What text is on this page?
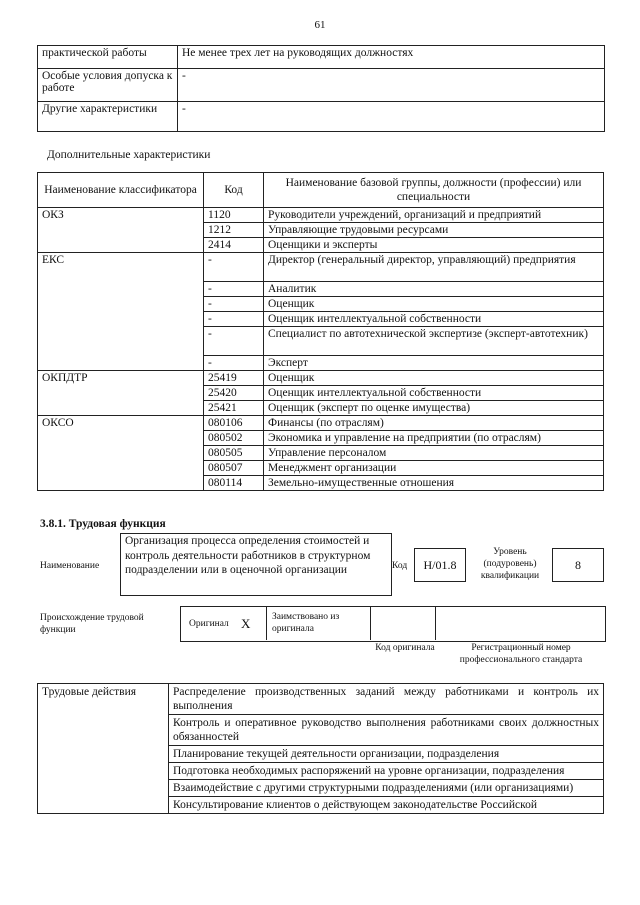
61
практической работы	Не менее трех лет на руководящих должностях
Особые условия допуска к работе	-
Другие характеристики	-
Дополнительные характеристики
Наименование классификатора	Код	Наименование базовой группы, должности (профессии) или специальности
ОКЗ	1120	Руководители учреждений, организаций и предприятий
	1212	Управляющие трудовыми ресурсами
	2414	Оценщики и эксперты
ЕКС	-	Директор (генеральный директор, управляющий) предприятия
	-	Аналитик
	-	Оценщик
	-	Оценщик интеллектуальной собственности
	-	Специалист по автотехнической экспертизе (эксперт-автотехник)
	-	Эксперт
ОКПДТР	25419	Оценщик
	25420	Оценщик интеллектуальной собственности
	25421	Оценщик (эксперт по оценке имущества)
ОКСО	080106	Финансы (по отраслям)
	080502	Экономика и управление на предприятии (по отраслям)
	080505	Управление персоналом
	080507	Менеджмент организации
	080114	Земельно-имущественные отношения
3.8.1. Трудовая функция
Наименование
Организация процесса определения стоимостей и контроль деятельности работников в структурном подразделении или в оценочной организации	Код	Н/01.8
Уровень (подуровень) квалификации
8
Происхождение трудовой функции
Оригинал X Заимствовано из оригинала
Код оригинала	Регистрационный номер профессионального стандарта
Трудовые действия	Распределение производственных заданий между работниками и контроль их выполнения
Контроль и оперативное руководство выполнения работниками своих должностных обязанностей
Планирование текущей деятельности организации, подразделения
Подготовка необходимых распоряжений на уровне организации, подразделения
Взаимодействие с другими структурными подразделениями (или организациями)
Консультирование клиентов о действующем законодательстве Российской
